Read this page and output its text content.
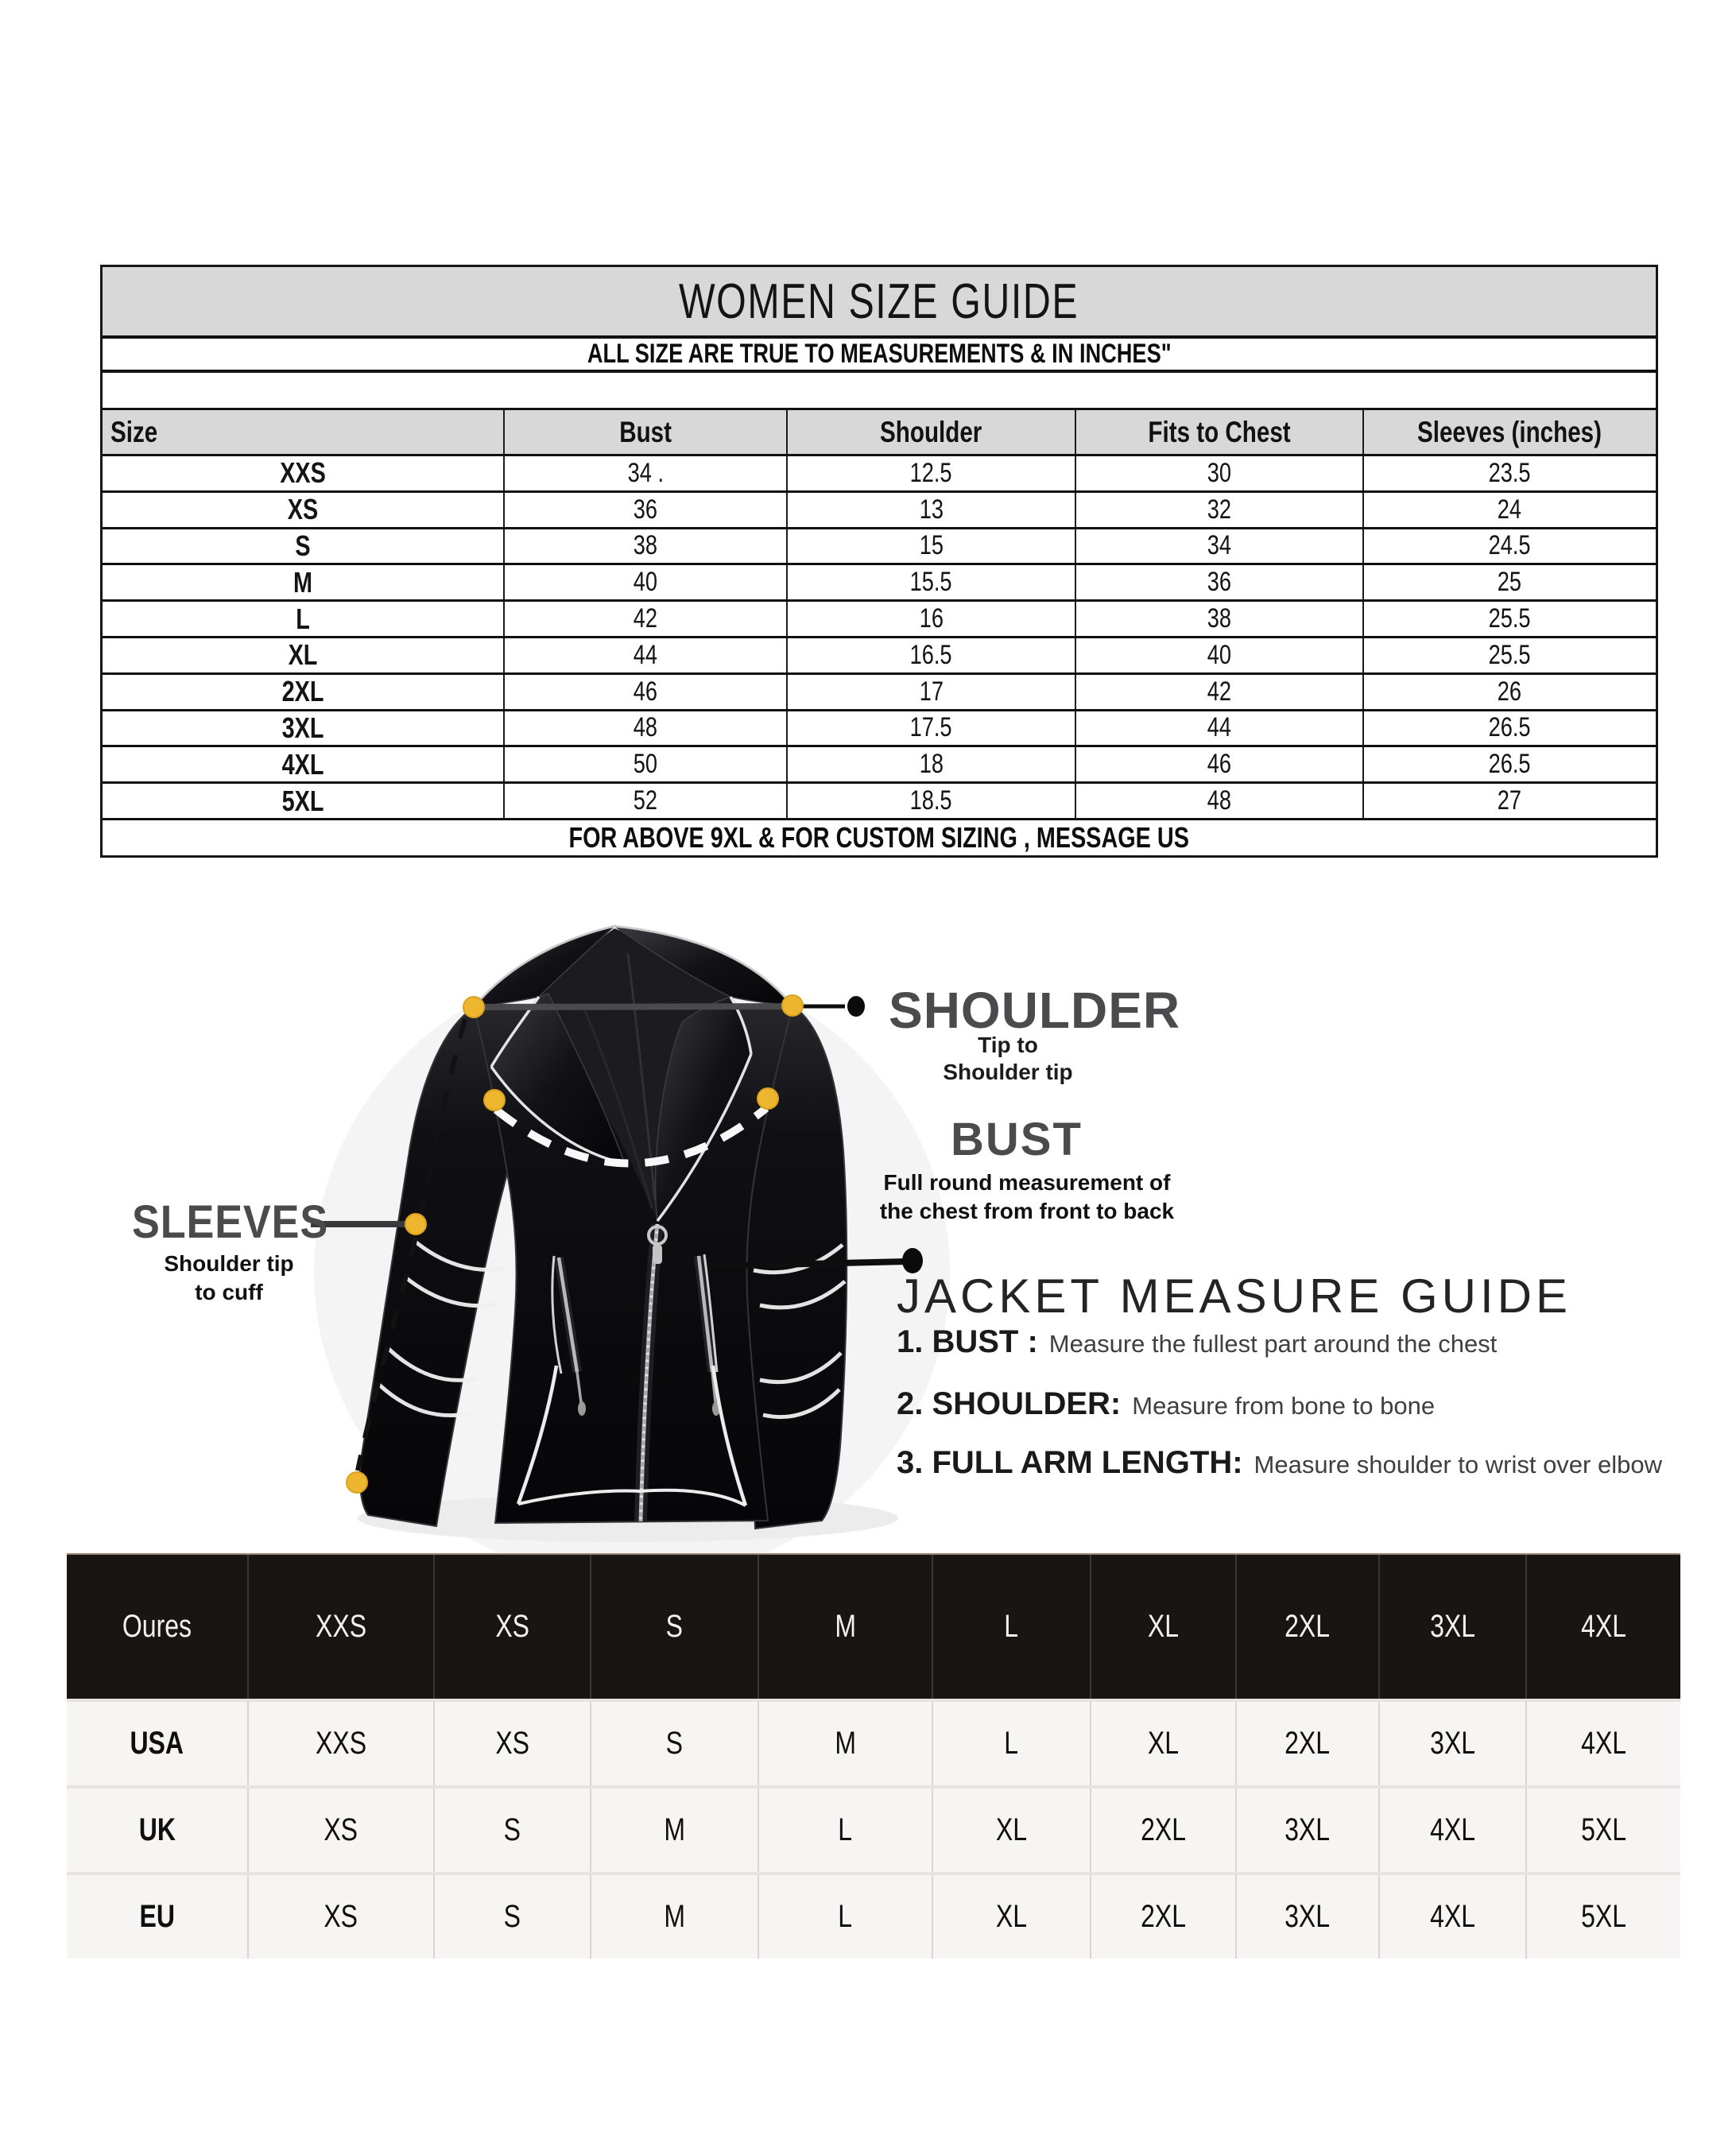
WOMEN SIZE GUIDE
ALL SIZE ARE TRUE TO MEASUREMENTS & IN INCHES"
Size	Bust	Shoulder	Fits to Chest	Sleeves (inches)
XXS	34 .	12.5	30	23.5
XS	36	13	32	24
S	38	15	34	24.5
M	40	15.5	36	25
L	42	16	38	25.5
XL	44	16.5	40	25.5
2XL	46	17	42	26
3XL	48	17.5	44	26.5
4XL	50	18	46	26.5
5XL	52	18.5	48	27
FOR ABOVE 9XL & FOR CUSTOM SIZING , MESSAGE US
SHOULDER
Tip to
Shoulder tip
BUST
Full round measurement of
the chest from front to back
SLEEVES
Shoulder tip
to cuff	JACKET MEASURE GUIDE
1. BUST : Measure the fullest part around the chest
2. SHOULDER: Measure from bone to bone
3. FULL ARM LENGTH: Measure shoulder to wrist over elbow
Oures	XXS	XS	S	M	L	XL	2XL	3XL	4XL
USA	XXS	XS	S	M	L	XL	2XL	3XL	4XL
UK	XS	S	M	L	XL	2XL	3XL	4XL	5XL
EU	XS	S	M	L	XL	2XL	3XL	4XL	5XL
